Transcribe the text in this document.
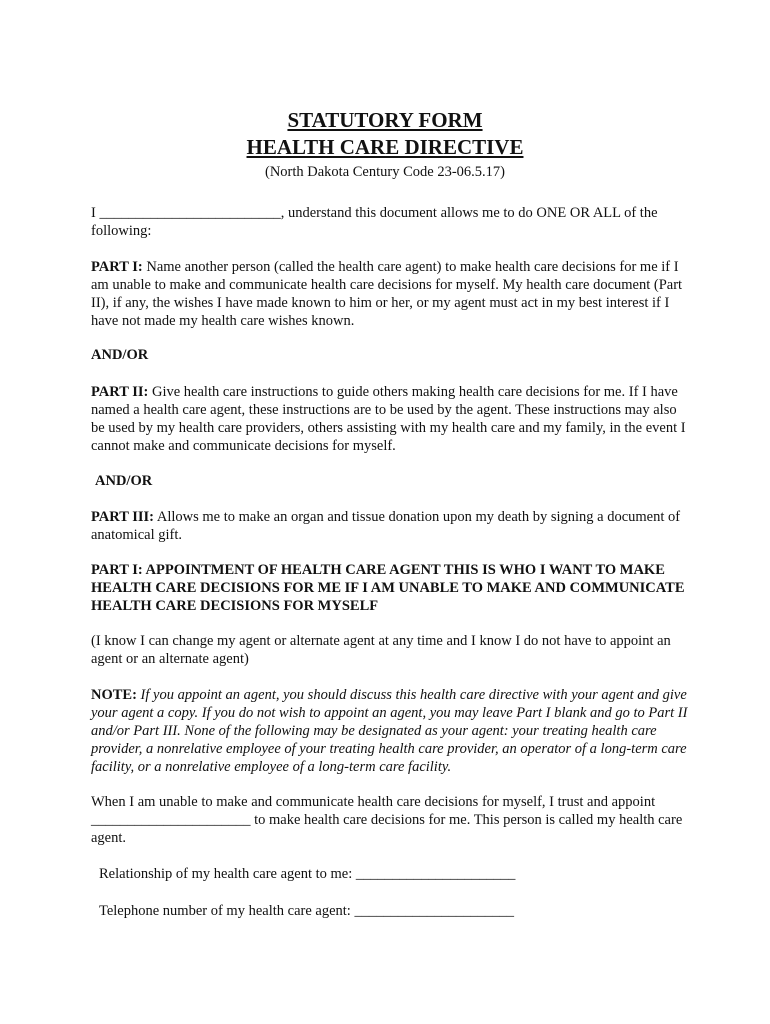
STATUTORY FORM
HEALTH CARE DIRECTIVE
(North Dakota Century Code 23-06.5.17)
I _________________________, understand this document allows me to do ONE OR ALL of the following:
PART I: Name another person (called the health care agent) to make health care decisions for me if I am unable to make and communicate health care decisions for myself. My health care document (Part II), if any, the wishes I have made known to him or her, or my agent must act in my best interest if I have not made my health care wishes known.
AND/OR
PART II: Give health care instructions to guide others making health care decisions for me. If I have named a health care agent, these instructions are to be used by the agent. These instructions may also be used by my health care providers, others assisting with my health care and my family, in the event I cannot make and communicate decisions for myself.
AND/OR
PART III: Allows me to make an organ and tissue donation upon my death by signing a document of anatomical gift.
PART I: APPOINTMENT OF HEALTH CARE AGENT THIS IS WHO I WANT TO MAKE HEALTH CARE DECISIONS FOR ME IF I AM UNABLE TO MAKE AND COMMUNICATE HEALTH CARE DECISIONS FOR MYSELF
(I know I can change my agent or alternate agent at any time and I know I do not have to appoint an agent or an alternate agent)
NOTE: If you appoint an agent, you should discuss this health care directive with your agent and give your agent a copy. If you do not wish to appoint an agent, you may leave Part I blank and go to Part II and/or Part III. None of the following may be designated as your agent: your treating health care provider, a nonrelative employee of your treating health care provider, an operator of a long-term care facility, or a nonrelative employee of a long-term care facility.
When I am unable to make and communicate health care decisions for myself, I trust and appoint ______________________ to make health care decisions for me. This person is called my health care agent.
Relationship of my health care agent to me: ______________________
Telephone number of my health care agent: ______________________
